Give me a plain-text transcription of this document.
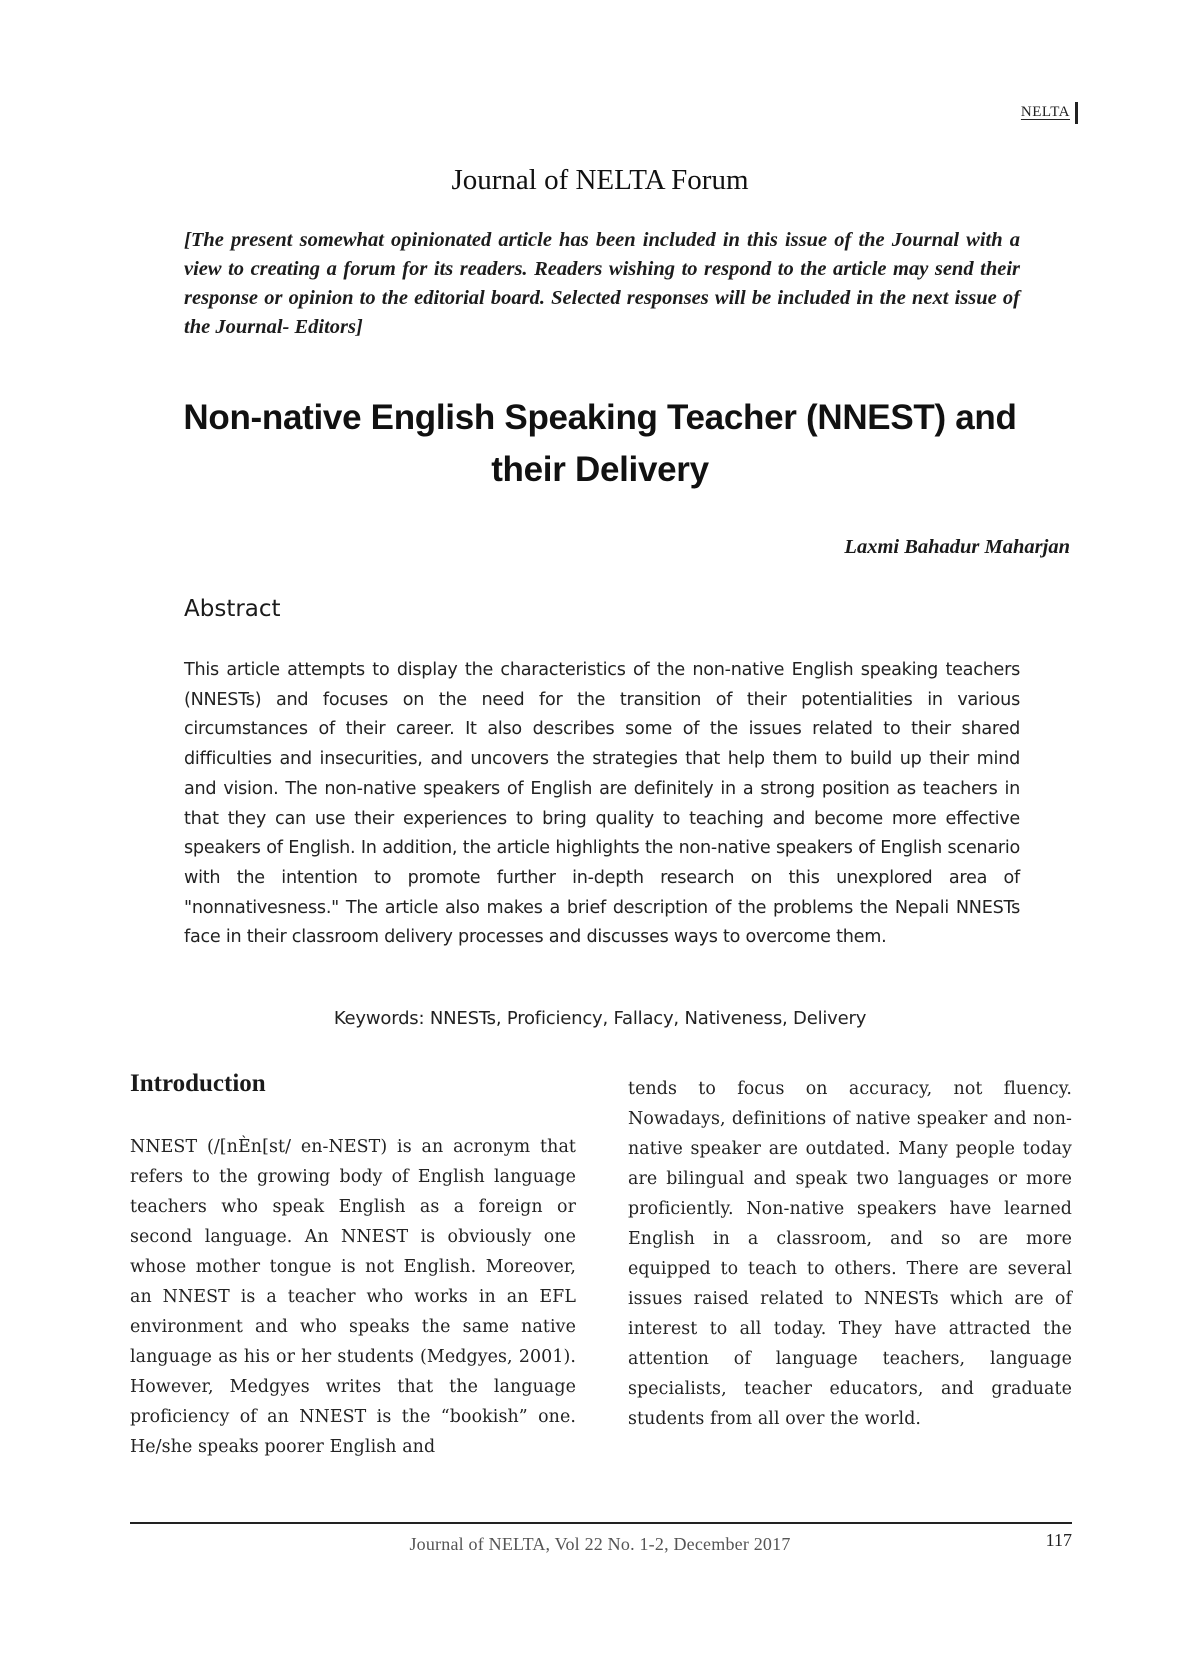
NELTA
Journal of NELTA Forum
[The present somewhat opinionated article has been included in this issue of the Journal with a view to creating a forum for its readers. Readers wishing to respond to the article may send their response or opinion to the editorial board. Selected responses will be included in the next issue of the Journal- Editors]
Non-native English Speaking Teacher (NNEST) and
their Delivery
Laxmi Bahadur Maharjan
Abstract
This article attempts to display the characteristics of the non-native English speaking teachers (NNESTs) and focuses on the need for the transition of their potentialities in various circumstances of their career. It also describes some of the issues related to their shared difficulties and insecurities, and uncovers the strategies that help them to build up their mind and vision. The non-native speakers of English are definitely in a strong position as teachers in that they can use their experiences to bring quality to teaching and become more effective speakers of English. In addition, the article highlights the non-native speakers of English scenario with the intention to promote further in-depth research on this unexplored area of "nonnativesness." The article also makes a brief description of the problems the Nepali NNESTs face in their classroom delivery processes and discusses ways to overcome them.
Keywords: NNESTs, Proficiency, Fallacy, Nativeness, Delivery
Introduction
NNEST (/[nÈn[st/ en-NEST) is an acronym that refers to the growing body of English language teachers who speak English as a foreign or second language. An NNEST is obviously one whose mother tongue is not English. Moreover, an NNEST is a teacher who works in an EFL environment and who speaks the same native language as his or her students (Medgyes, 2001). However, Medgyes writes that the language proficiency of an NNEST is the “bookish” one. He/she speaks poorer English and
tends to focus on accuracy, not fluency. Nowadays, definitions of native speaker and non-native speaker are outdated. Many people today are bilingual and speak two languages or more proficiently. Non-native speakers have learned English in a classroom, and so are more equipped to teach to others. There are several issues raised related to NNESTs which are of interest to all today. They have attracted the attention of language teachers, language specialists, teacher educators, and graduate students from all over the world.
Journal of NELTA, Vol 22 No. 1-2, December 2017	117
